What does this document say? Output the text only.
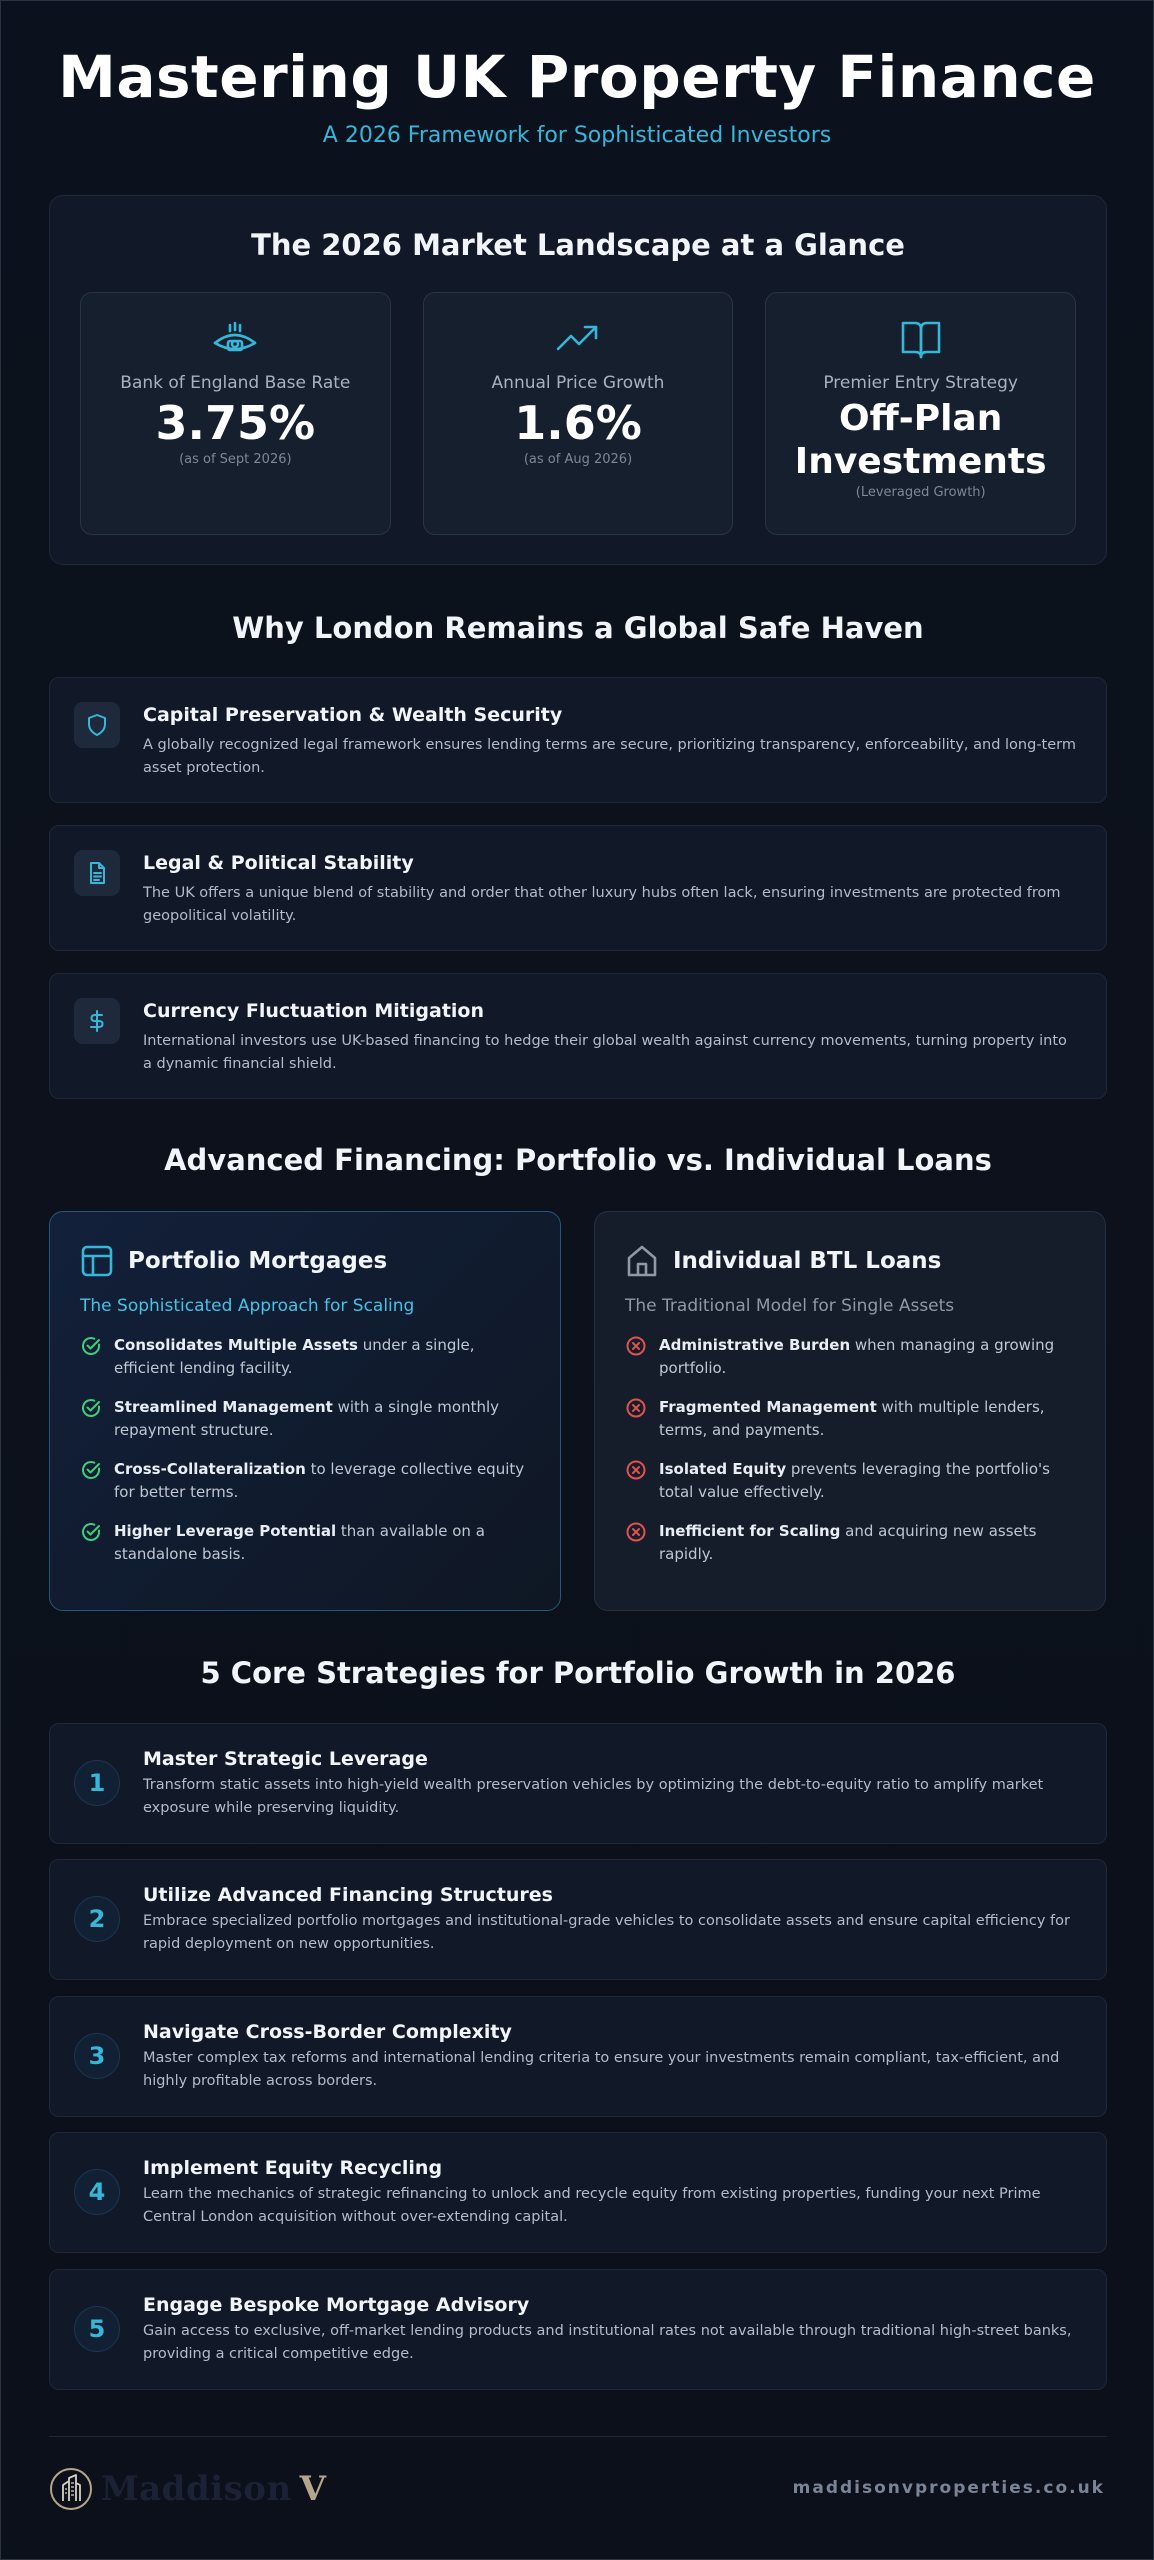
Mastering UK Property Finance
A 2026 Framework for Sophisticated Investors
The 2026 Market Landscape at a Glance
Bank of England Base Rate
3.75%
(as of Sept 2026)
Annual Price Growth
1.6%
(as of Aug 2026)
Premier Entry Strategy
Off-Plan Investments
(Leveraged Growth)
Why London Remains a Global Safe Haven
Capital Preservation & Wealth Security
A globally recognized legal framework ensures lending terms are secure, prioritizing transparency, enforceability, and long-term asset protection.
Legal & Political Stability
The UK offers a unique blend of stability and order that other luxury hubs often lack, ensuring investments are protected from geopolitical volatility.
Currency Fluctuation Mitigation
International investors use UK-based financing to hedge their global wealth against currency movements, turning property into a dynamic financial shield.
Advanced Financing: Portfolio vs. Individual Loans
Portfolio Mortgages
The Sophisticated Approach for Scaling
Consolidates Multiple Assets under a single, efficient lending facility.
Streamlined Management with a single monthly repayment structure.
Cross-Collateralization to leverage collective equity for better terms.
Higher Leverage Potential than available on a standalone basis.
Individual BTL Loans
The Traditional Model for Single Assets
Administrative Burden when managing a growing portfolio.
Fragmented Management with multiple lenders, terms, and payments.
Isolated Equity prevents leveraging the portfolio's total value effectively.
Inefficient for Scaling and acquiring new assets rapidly.
5 Core Strategies for Portfolio Growth in 2026
1
Master Strategic Leverage
Transform static assets into high-yield wealth preservation vehicles by optimizing the debt-to-equity ratio to amplify market exposure while preserving liquidity.
2
Utilize Advanced Financing Structures
Embrace specialized portfolio mortgages and institutional-grade vehicles to consolidate assets and ensure capital efficiency for rapid deployment on new opportunities.
3
Navigate Cross-Border Complexity
Master complex tax reforms and international lending criteria to ensure your investments remain compliant, tax-efficient, and highly profitable across borders.
4
Implement Equity Recycling
Learn the mechanics of strategic refinancing to unlock and recycle equity from existing properties, funding your next Prime Central London acquisition without over-extending capital.
5
Engage Bespoke Mortgage Advisory
Gain access to exclusive, off-market lending products and institutional rates not available through traditional high-street banks, providing a critical competitive edge.
Maddison V	maddisonvproperties.co.uk
